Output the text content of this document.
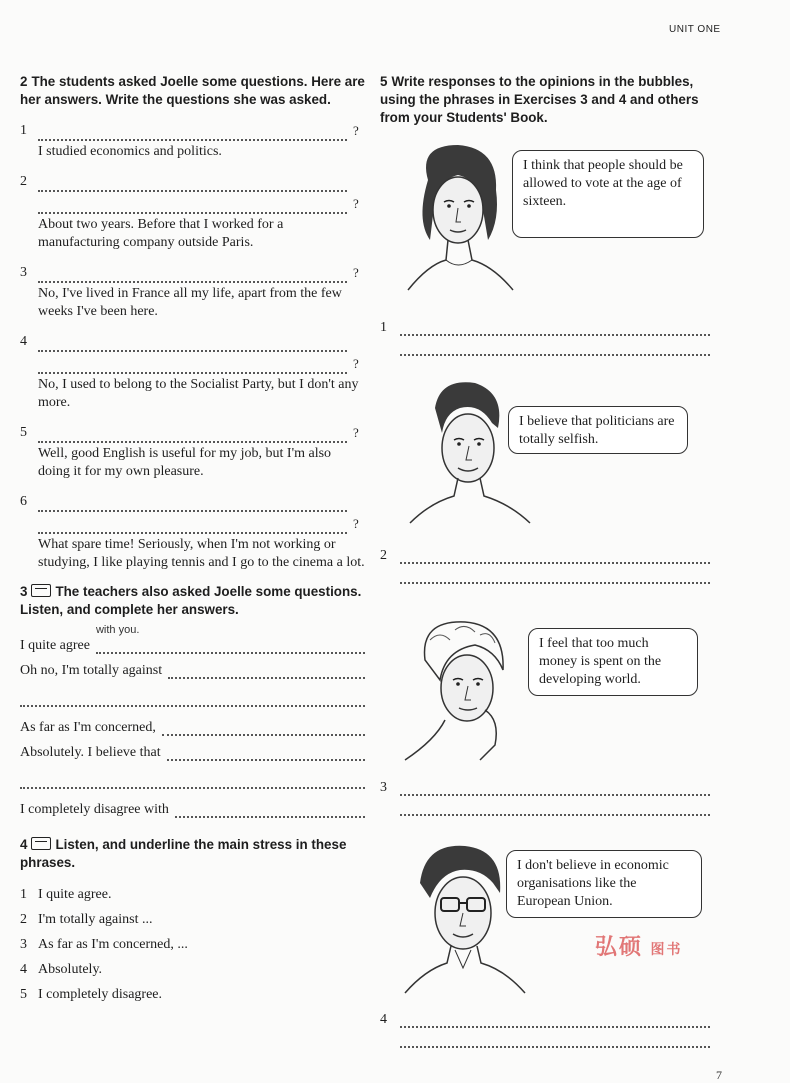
UNIT ONE
2 The students asked Joelle some questions. Here are her answers. Write the questions she was asked.
1	?
I studied economics and politics.
2
?
About two years. Before that I worked for a manufacturing company outside Paris.
3	?
No, I've lived in France all my life, apart from the few weeks I've been here.
4
?
No, I used to belong to the Socialist Party, but I don't any more.
5	?
Well, good English is useful for my job, but I'm also doing it for my own pleasure.
6
?
What spare time! Seriously, when I'm not working or studying, I like playing tennis and I go to the cinema a lot.
3 The teachers also asked Joelle some questions. Listen, and complete her answers.
I quite agree
with you.
Oh no, I'm totally against
As far as I'm concerned,
Absolutely. I believe that
I completely disagree with
4 Listen, and underline the main stress in these phrases.
1 I quite agree.
2 I'm totally against ...
3 As far as I'm concerned, ...
4 Absolutely.
5 I completely disagree.
5 Write responses to the opinions in the bubbles, using the phrases in Exercises 3 and 4 and others from your Students' Book.
I think that people should be allowed to vote at the age of sixteen.
1
I believe that politicians are totally selfish.
2
I feel that too much money is spent on the developing world.
3
I don't believe in economic organisations like the European Union.
4
弘硕 图书
7
